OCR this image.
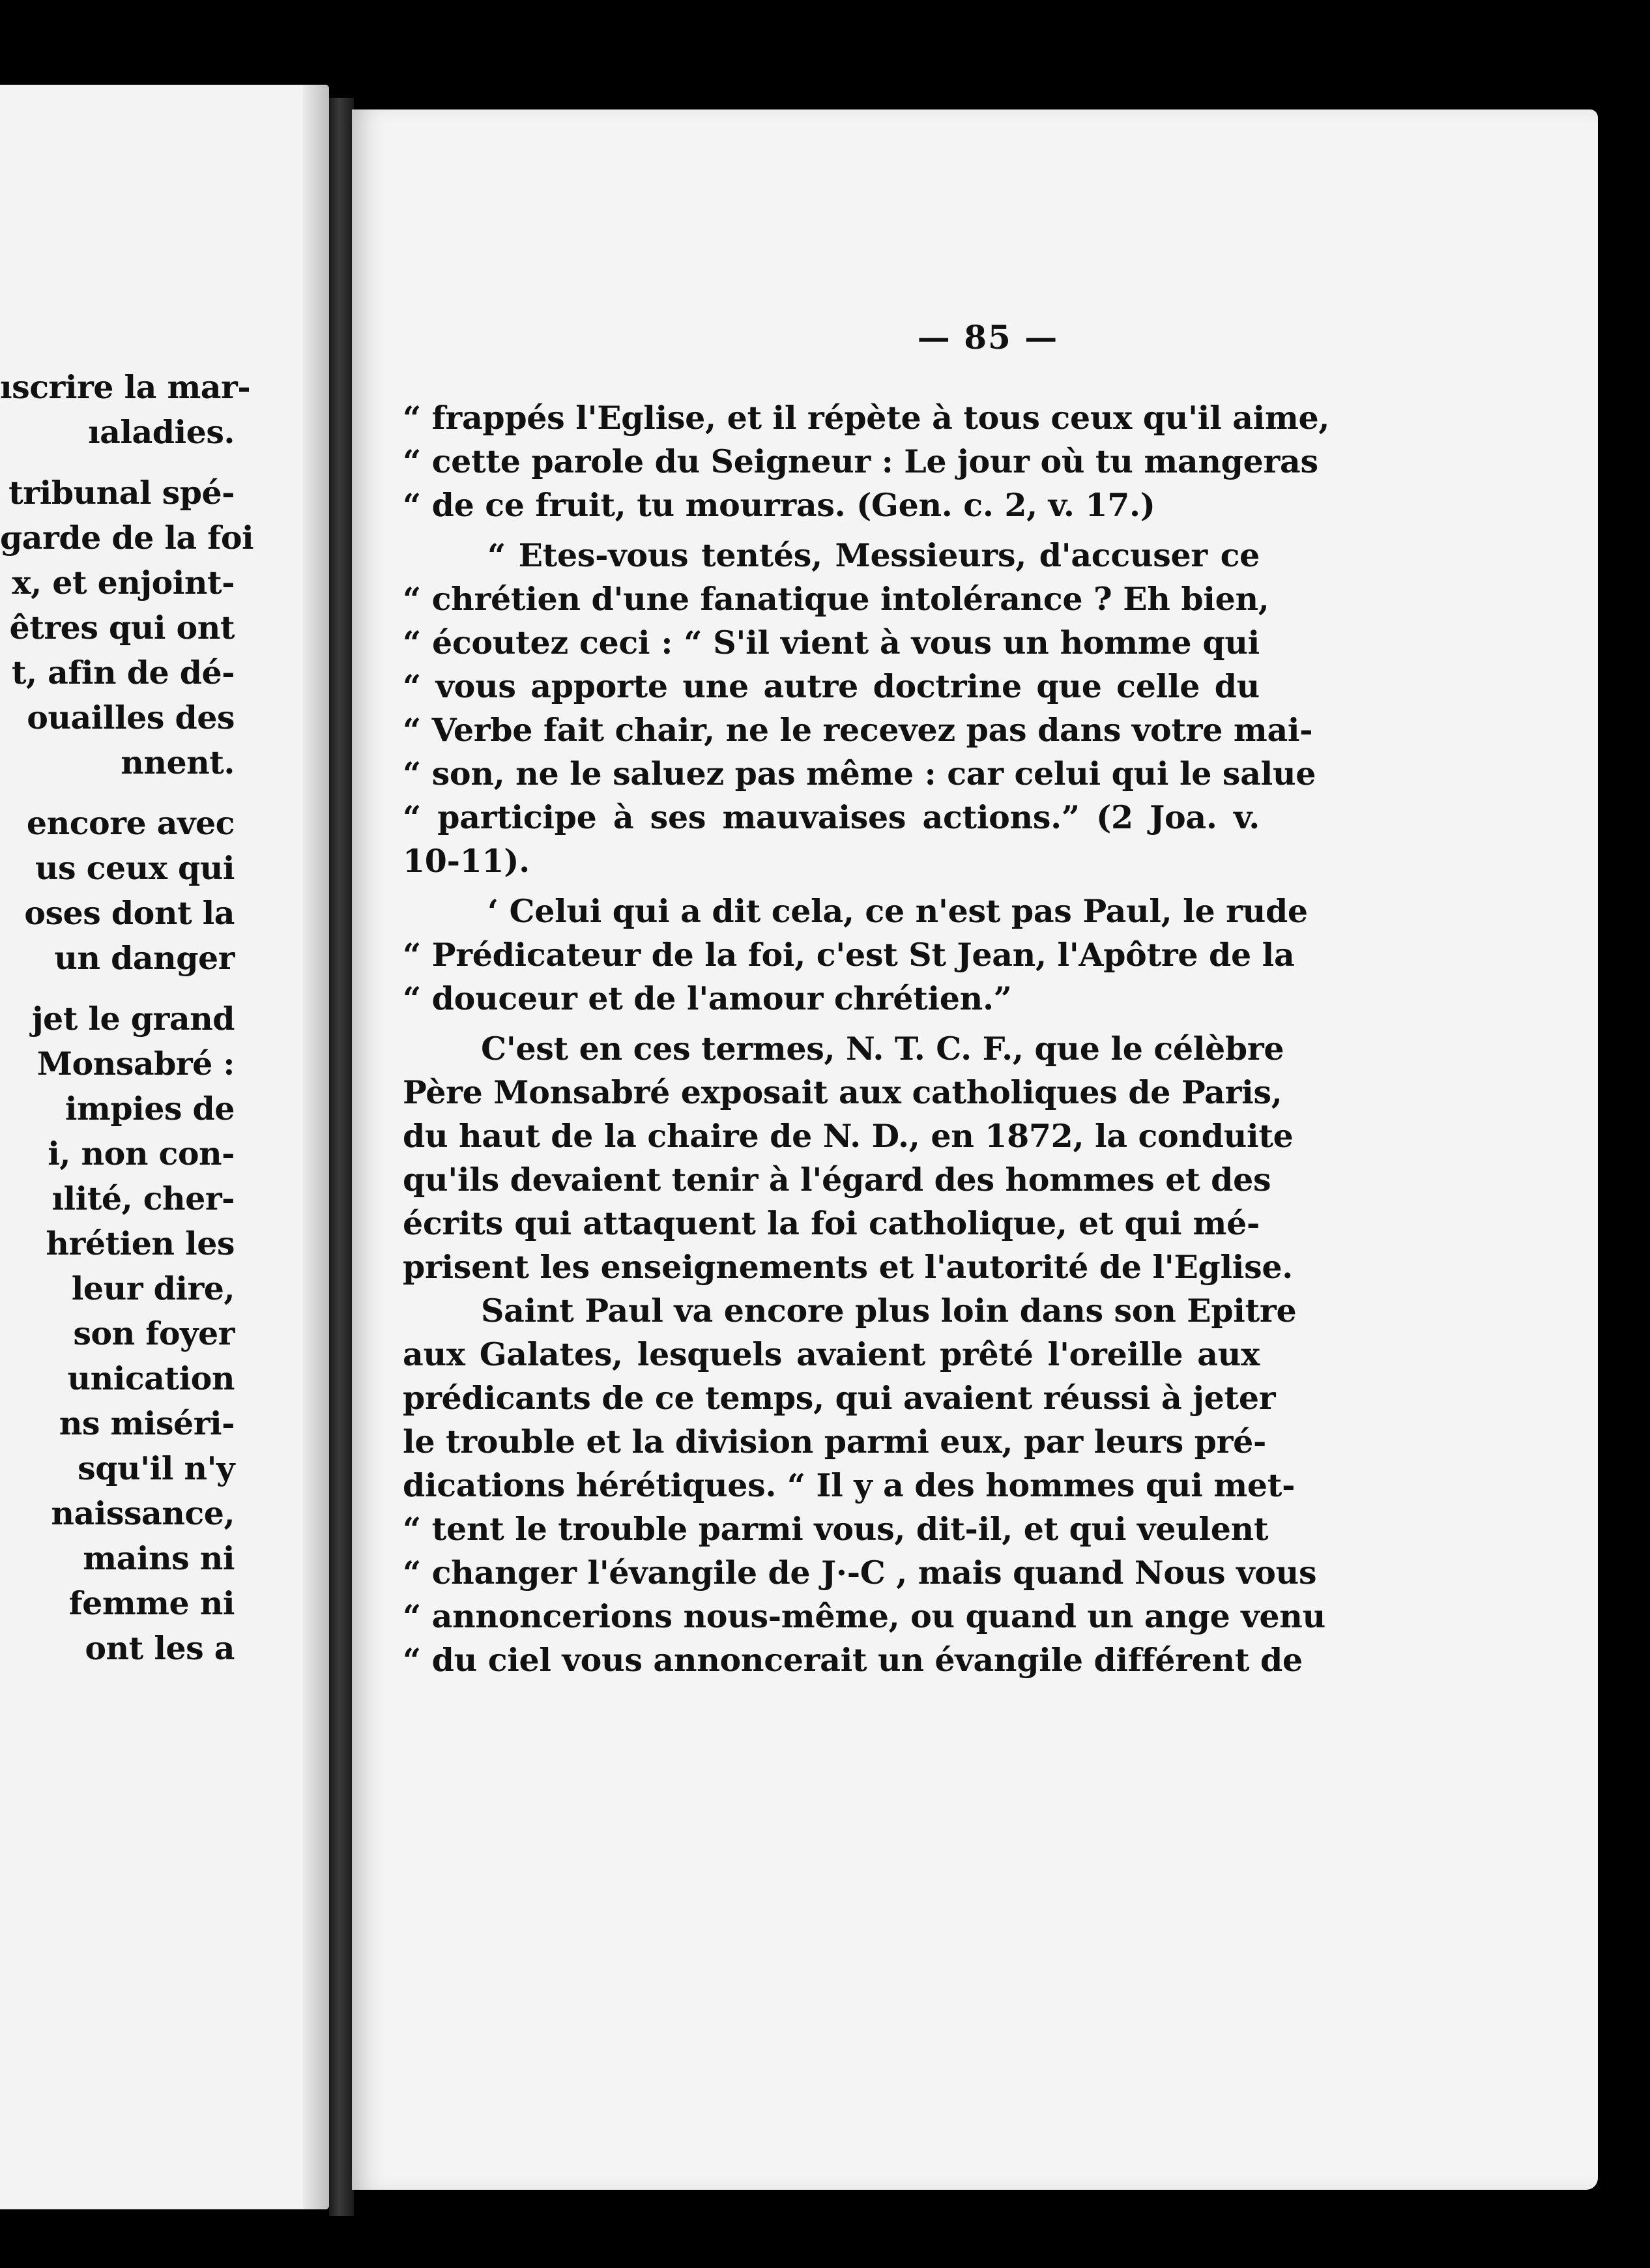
ıscrire la mar-
ıaladies.
tribunal spé-
ɡarde de la foi
x, et enjoint-
êtres qui ont
t, afin de dé-
ouailles des
nnent.
encore avec
us ceux qui
oses dont la
un danger
jet le grand
Monsabré :
impies de
i, non con-
ılité, cher-
hrétien les
leur dire,
son foyer
unication
ns miséri-
squ'il n'y
naissance,
mains ni
femme ni
ont les a
— 85 —
“ frappés l'Eglise, et il répète à tous ceux qu'il aime,
“ cette parole du Seigneur : Le jour où tu mangeras
“ de ce fruit, tu mourras. (Gen. c. 2, v. 17.)
“ Etes-vous tentés, Messieurs, d'accuser ce
“ chrétien d'une fanatique intolérance ? Eh bien,
“ écoutez ceci : “ S'il vient à vous un homme qui
“ vous apporte une autre doctrine que celle du
“ Verbe fait chair, ne le recevez pas dans votre mai-
“ son, ne le saluez pas même : car celui qui le salue
“ participe à ses mauvaises actions.” (2 Joa. v.
10-11).
‘ Celui qui a dit cela, ce n'est pas Paul, le rude
“ Prédicateur de la foi, c'est St Jean, l'Apôtre de la
“ douceur et de l'amour chrétien.”
C'est en ces termes, N. T. C. F., que le célèbre
Père Monsabré exposait aux catholiques de Paris,
du haut de la chaire de N. D., en 1872, la conduite
qu'ils devaient tenir à l'égard des hommes et des
écrits qui attaquent la foi catholique, et qui mé-
prisent les enseignements et l'autorité de l'Eglise.
Saint Paul va encore plus loin dans son Epitre
aux Galates, lesquels avaient prêté l'oreille aux
prédicants de ce temps, qui avaient réussi à jeter
le trouble et la division parmi eux, par leurs pré-
dications hérétiques. “ Il y a des hommes qui met-
“ tent le trouble parmi vous, dit-il, et qui veulent
“ changer l'évangile de J·-C , mais quand Nous vous
“ annoncerions nous-même, ou quand un ange venu
“ du ciel vous annoncerait un évangile différent de
